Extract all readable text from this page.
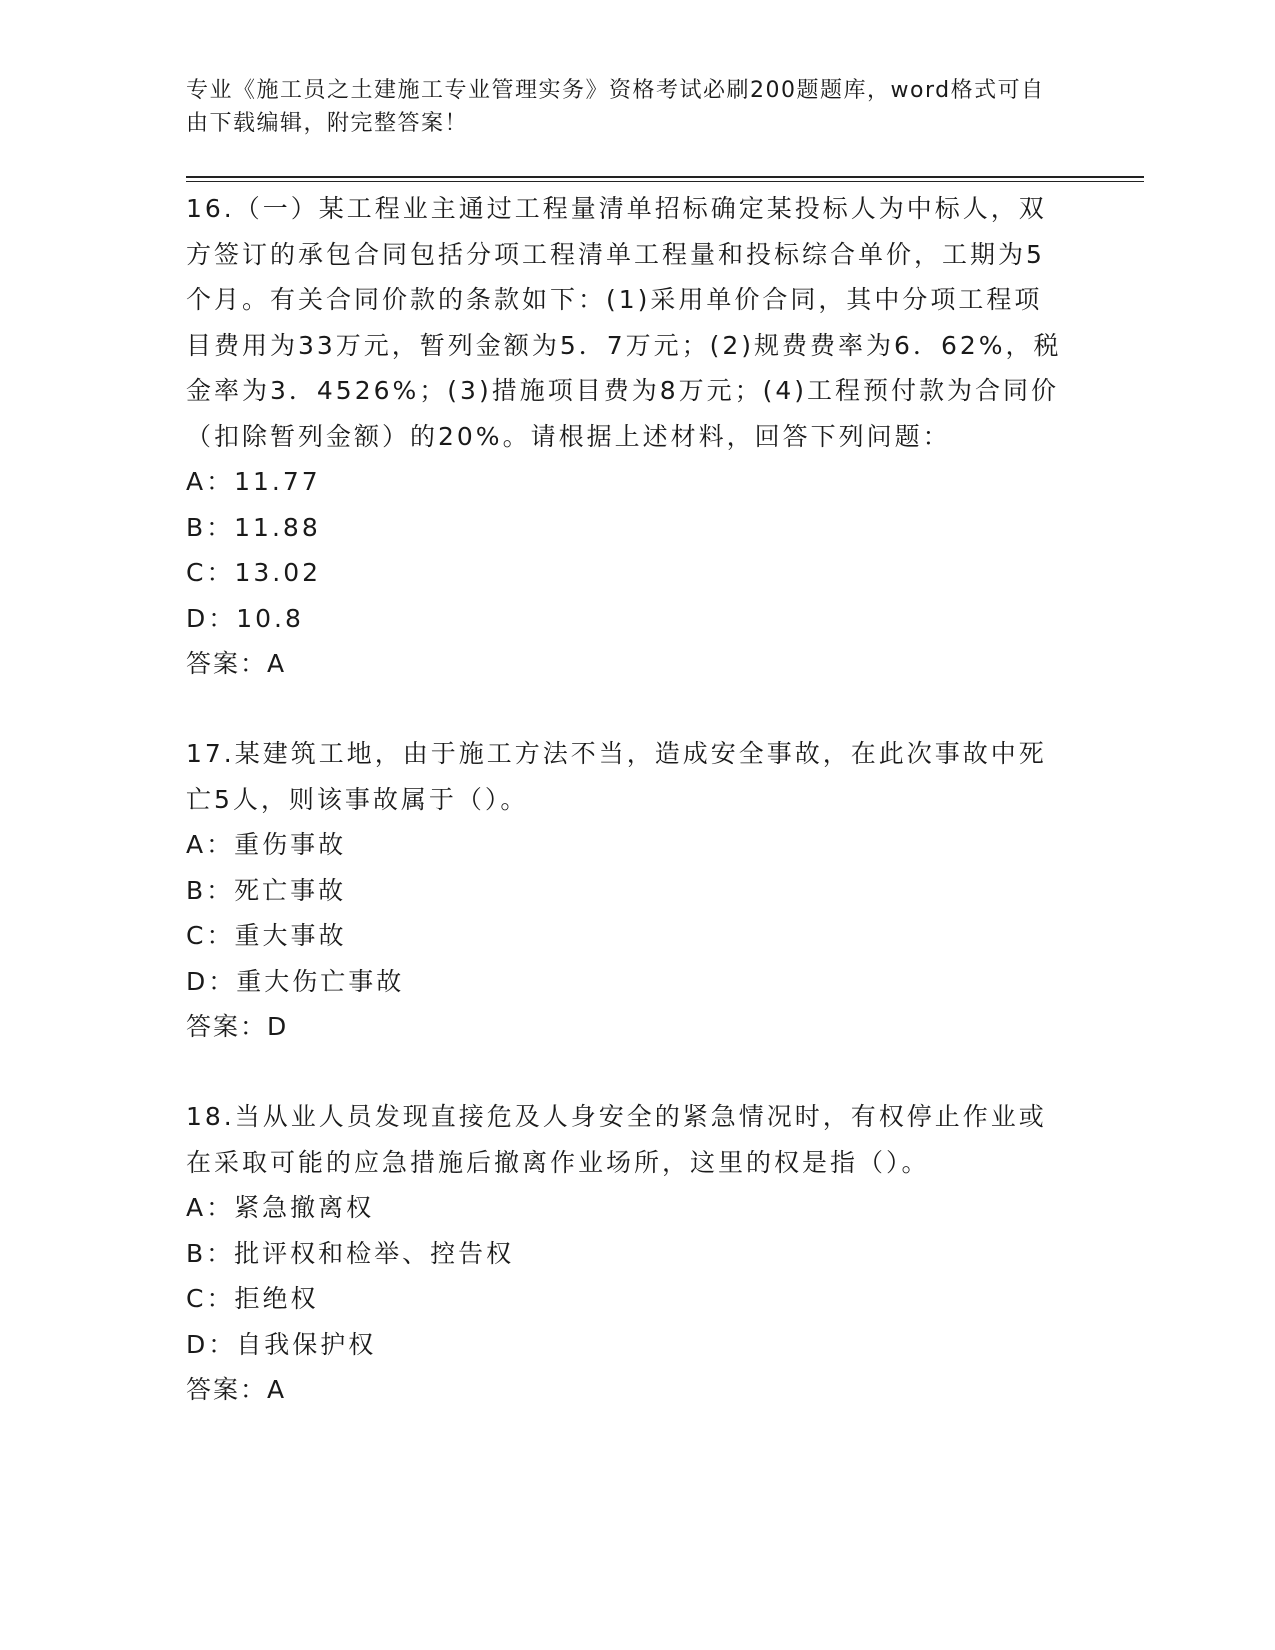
专业《施工员之土建施工专业管理实务》资格考试必刷200题题库，word格式可自由下载编辑，附完整答案！
16.（一）某工程业主通过工程量清单招标确定某投标人为中标人，双方签订的承包合同包括分项工程清单工程量和投标综合单价，工期为5个月。有关合同价款的条款如下：(1)采用单价合同，其中分项工程项目费用为33万元，暂列金额为5．7万元；(2)规费费率为6．62%，税金率为3．4526%；(3)措施项目费为8万元；(4)工程预付款为合同价（扣除暂列金额）的20%。请根据上述材料，回答下列问题：
A：11.77
B：11.88
C：13.02
D：10.8
答案：A
17.某建筑工地，由于施工方法不当，造成安全事故，在此次事故中死亡5人，则该事故属于（）。
A：重伤事故
B：死亡事故
C：重大事故
D：重大伤亡事故
答案：D
18.当从业人员发现直接危及人身安全的紧急情况时，有权停止作业或在采取可能的应急措施后撤离作业场所，这里的权是指（）。
A：紧急撤离权
B：批评权和检举、控告权
C：拒绝权
D：自我保护权
答案：A
